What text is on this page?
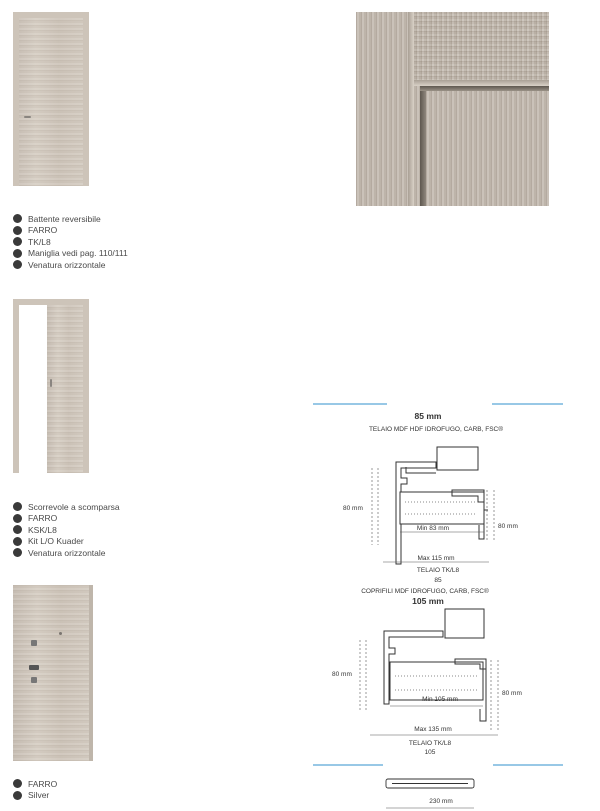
Battente reversibile
FARRO
TK/L8
Maniglia vedi pag. 110/111
Venatura orizzontale
Scorrevole a scomparsa
FARRO
KSK/L8
Kit L/O Kuader
Venatura orizzontale
FARRO
Silver
85 mm
TELAIO MDF HDF IDROFUGO, CARB, FSC®
80 mm
80 mm
Min 83 mm
Max 115 mm
TELAIO TK/L8
85
COPRIFILI MDF IDROFUGO, CARB, FSC®
105 mm
80 mm
80 mm
Min 105 mm
Max 135 mm
TELAIO TK/L8
105
230 mm
